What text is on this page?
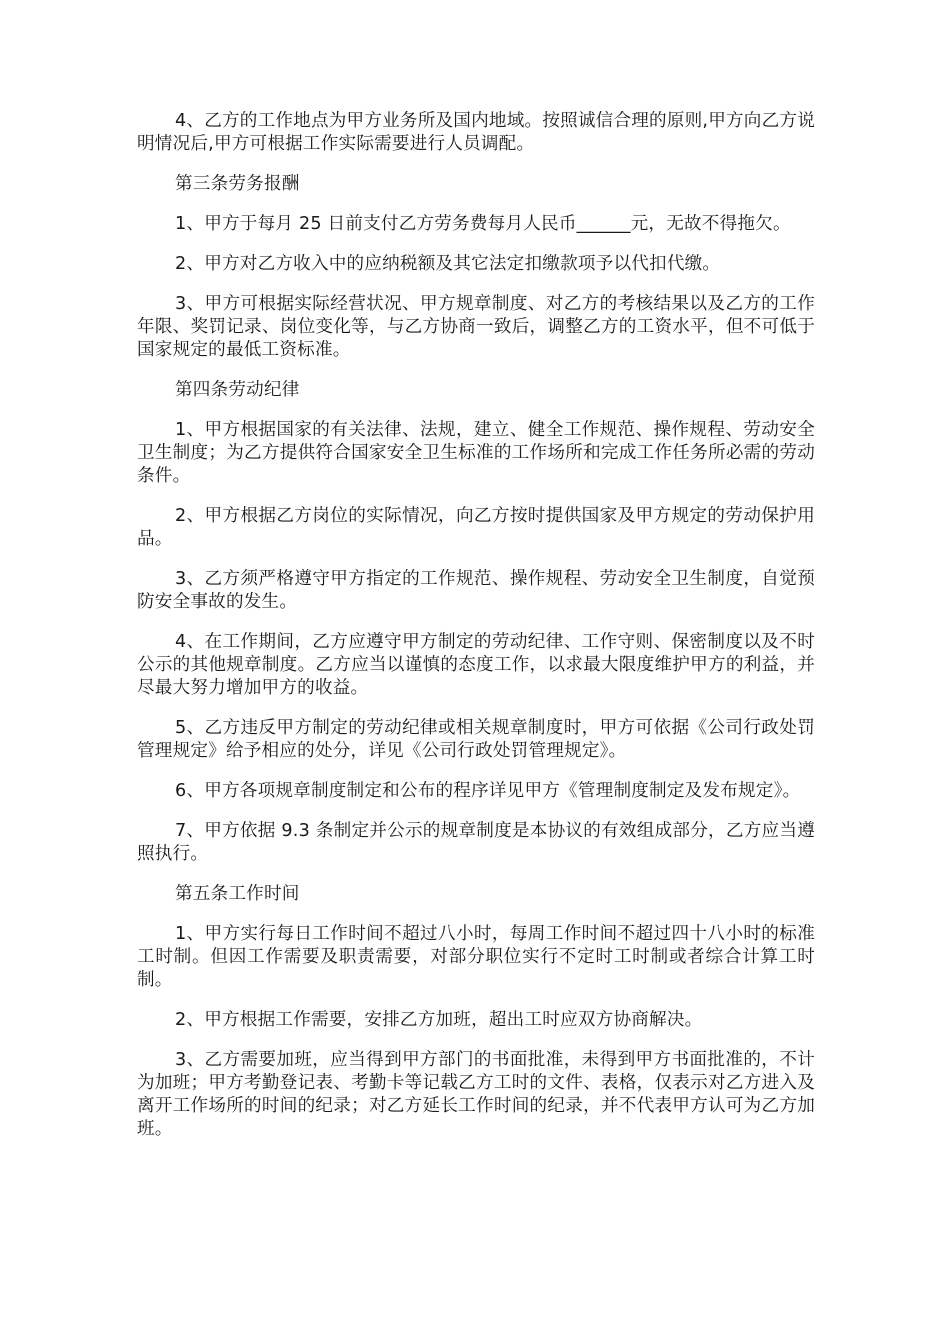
4、乙方的工作地点为甲方业务所及国内地域。按照诚信合理的原则,甲方向乙方说明情况后,甲方可根据工作实际需要进行人员调配。

第三条劳务报酬

1、甲方于每月 25 日前支付乙方劳务费每月人民币______元，无故不得拖欠。

2、甲方对乙方收入中的应纳税额及其它法定扣缴款项予以代扣代缴。

3、甲方可根据实际经营状况、甲方规章制度、对乙方的考核结果以及乙方的工作年限、奖罚记录、岗位变化等，与乙方协商一致后，调整乙方的工资水平，但不可低于国家规定的最低工资标准。

第四条劳动纪律

1、甲方根据国家的有关法律、法规，建立、健全工作规范、操作规程、劳动安全卫生制度；为乙方提供符合国家安全卫生标准的工作场所和完成工作任务所必需的劳动条件。

2、甲方根据乙方岗位的实际情况，向乙方按时提供国家及甲方规定的劳动保护用品。

3、乙方须严格遵守甲方指定的工作规范、操作规程、劳动安全卫生制度，自觉预防安全事故的发生。

4、在工作期间，乙方应遵守甲方制定的劳动纪律、工作守则、保密制度以及不时公示的其他规章制度。乙方应当以谨慎的态度工作，以求最大限度维护甲方的利益，并尽最大努力增加甲方的收益。

5、乙方违反甲方制定的劳动纪律或相关规章制度时，甲方可依据《公司行政处罚管理规定》给予相应的处分，详见《公司行政处罚管理规定》。

6、甲方各项规章制度制定和公布的程序详见甲方《管理制度制定及发布规定》。

7、甲方依据 9.3 条制定并公示的规章制度是本协议的有效组成部分，乙方应当遵照执行。

第五条工作时间

1、甲方实行每日工作时间不超过八小时，每周工作时间不超过四十八小时的标准工时制。但因工作需要及职责需要，对部分职位实行不定时工时制或者综合计算工时制。

2、甲方根据工作需要，安排乙方加班，超出工时应双方协商解决。

3、乙方需要加班，应当得到甲方部门的书面批准，未得到甲方书面批准的，不计为加班；甲方考勤登记表、考勤卡等记载乙方工时的文件、表格，仅表示对乙方进入及离开工作场所的时间的纪录；对乙方延长工作时间的纪录，并不代表甲方认可为乙方加班。
